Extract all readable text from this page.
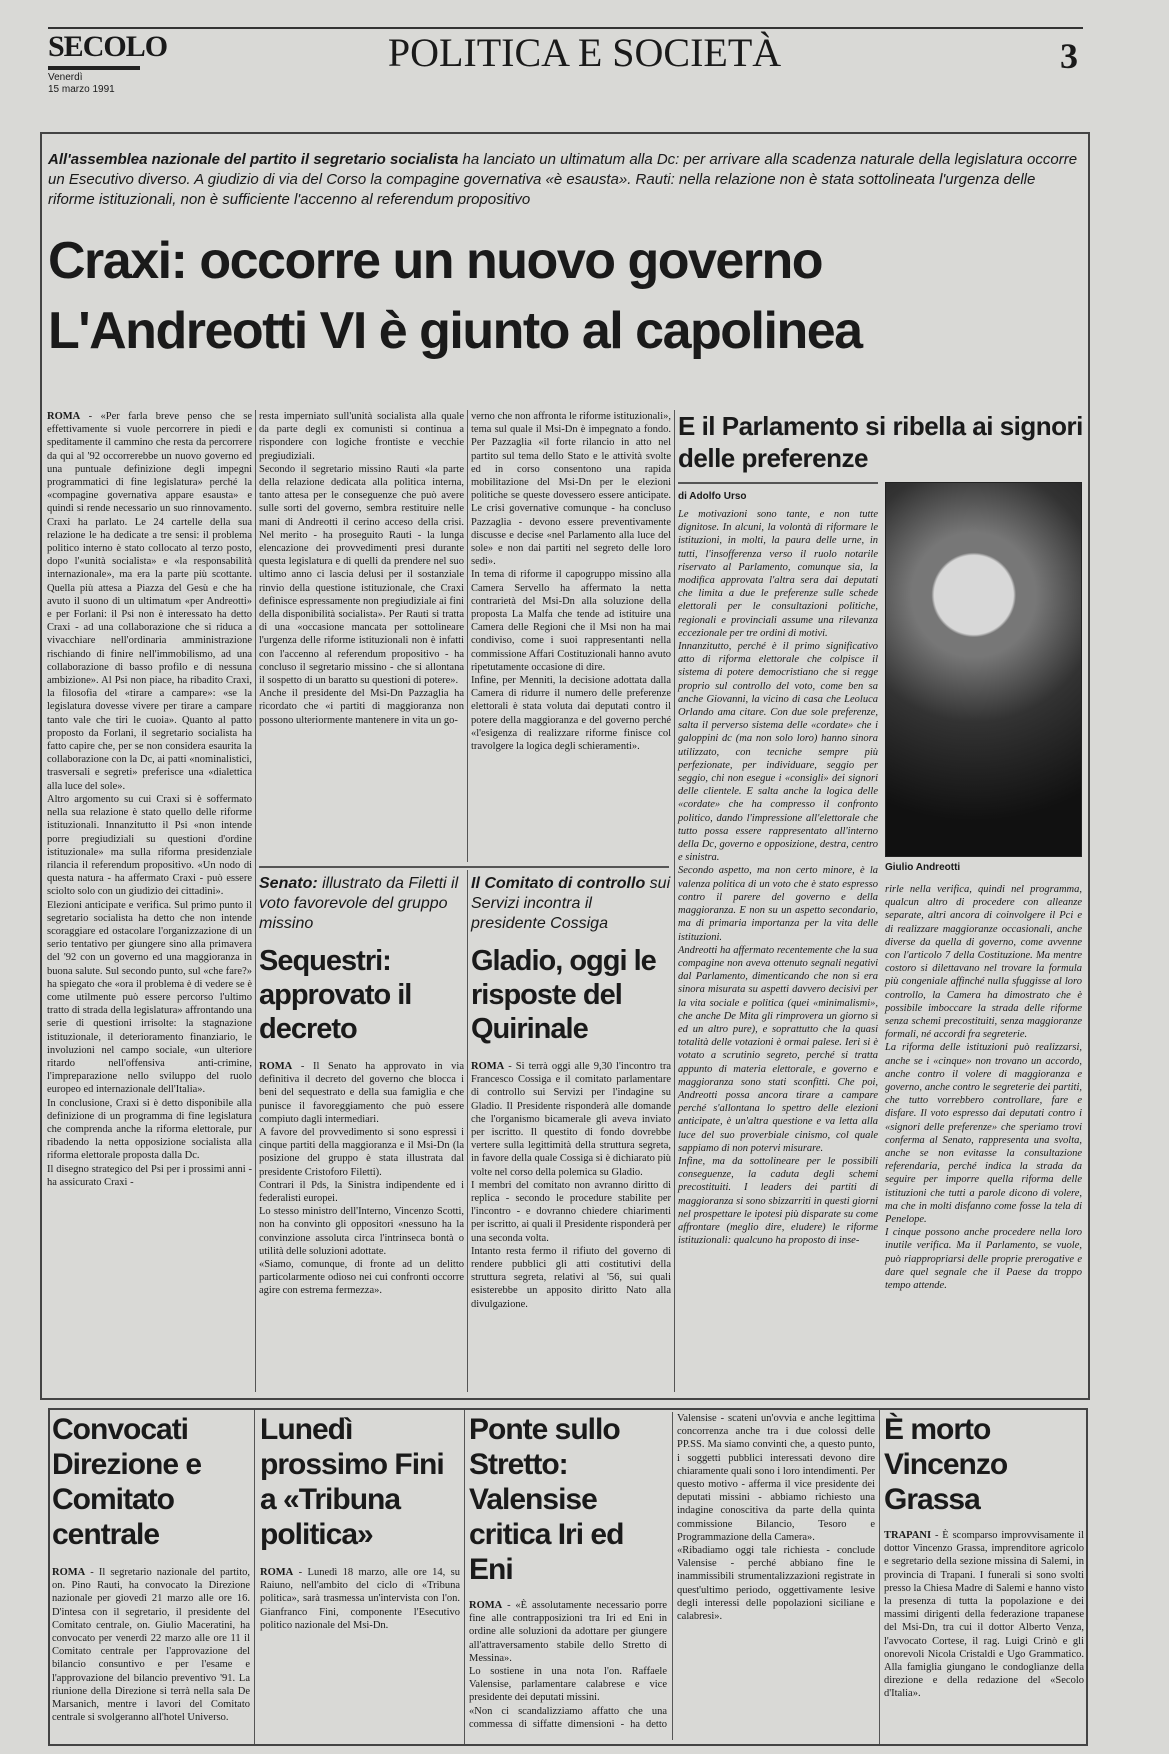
SECOLO
Venerdì
15 marzo 1991
POLITICA E SOCIETÀ	3
All'assemblea nazionale del partito il segretario socialista ha lanciato un ultimatum alla Dc: per arrivare alla scadenza naturale della legislatura occorre un Esecutivo diverso. A giudizio di via del Corso la compagine governativa «è esausta». Rauti: nella relazione non è stata sottolineata l'urgenza delle riforme istituzionali, non è sufficiente l'accenno al referendum propositivo
Craxi: occorre un nuovo governo
L'Andreotti VI è giunto al capolinea
ROMA - «Per farla breve penso che se effettivamente si vuole percorrere in piedi e speditamente il cammino che resta da percorrere da qui al '92 occorrerebbe un nuovo governo ed una puntuale definizione degli impegni programmatici di fine legislatura» perché la «compagine governativa appare esausta» e quindi si rende necessario un suo rinnovamento. Craxi ha parlato. Le 24 cartelle della sua relazione le ha dedicate a tre sensi: il problema politico interno è stato collocato al terzo posto, dopo l'«unità socialista» e «la responsabilità internazionale», ma era la parte più scottante. Quella più attesa a Piazza del Gesù e che ha avuto il suono di un ultimatum «per Andreotti» e per Forlani: il Psi non è interessato ha detto Craxi - ad una collaborazione che si riduca a vivacchiare nell'ordinaria amministrazione rischiando di finire nell'immobilismo, ad una collaborazione di basso profilo e di nessuna ambizione». Al Psi non piace, ha ribadito Craxi, la filosofia del «tirare a campare»: «se la legislatura dovesse vivere per tirare a campare tanto vale che tiri le cuoia». Quanto al patto proposto da Forlani, il segretario socialista ha fatto capire che, per se non considera esaurita la collaborazione con la Dc, ai patti «nominalistici, trasversali e segreti» preferisce una «dialettica alla luce del sole».
Altro argomento su cui Craxi si è soffermato nella sua relazione è stato quello delle riforme istituzionali. Innanzitutto il Psi «non intende porre pregiudiziali su questioni d'ordine istituzionale» ma sulla riforma presidenziale rilancia il referendum propositivo. «Un nodo di questa natura - ha affermato Craxi - può essere sciolto solo con un giudizio dei cittadini».
Elezioni anticipate e verifica. Sul primo punto il segretario socialista ha detto che non intende scoraggiare ed ostacolare l'organizzazione di un serio tentativo per giungere sino alla primavera del '92 con un governo ed una maggioranza in buona salute. Sul secondo punto, sul «che fare?» ha spiegato che «ora il problema è di vedere se è come utilmente può essere percorso l'ultimo tratto di strada della legislatura» affrontando una serie di questioni irrisolte: la stagnazione istituzionale, il deterioramento finanziario, le involuzioni nel campo sociale, «un ulteriore ritardo nell'offensiva anti-crimine, l'impreparazione nello sviluppo del ruolo europeo ed internazionale dell'Italia».
In conclusione, Craxi si è detto disponibile alla definizione di un programma di fine legislatura che comprenda anche la riforma elettorale, pur ribadendo la netta opposizione socialista alla riforma elettorale proposta dalla Dc.
Il disegno strategico del Psi per i prossimi anni - ha assicurato Craxi -
resta imperniato sull'unità socialista alla quale da parte degli ex comunisti si continua a rispondere con logiche frontiste e vecchie pregiudiziali.
Secondo il segretario missino Rauti «la parte della relazione dedicata alla politica interna, tanto attesa per le conseguenze che può avere sulle sorti del governo, sembra restituire nelle mani di Andreotti il cerino acceso della crisi. Nel merito - ha proseguito Rauti - la lunga elencazione dei provvedimenti presi durante questa legislatura e di quelli da prendere nel suo ultimo anno ci lascia delusi per il sostanziale rinvio della questione istituzionale, che Craxi definisce espressamente non pregiudiziale ai fini della disponibilità socialista». Per Rauti si tratta di una «occasione mancata per sottolineare l'urgenza delle riforme istituzionali non è infatti con l'accenno al referendum propositivo - ha concluso il segretario missino - che si allontana il sospetto di un baratto su questioni di potere».
Anche il presidente del Msi-Dn Pazzaglia ha ricordato che «i partiti di maggioranza non possono ulteriormente mantenere in vita un go-
verno che non affronta le riforme istituzionali», tema sul quale il Msi-Dn è impegnato a fondo. Per Pazzaglia «il forte rilancio in atto nel partito sul tema dello Stato e le attività svolte ed in corso consentono una rapida mobilitazione del Msi-Dn per le elezioni politiche se queste dovessero essere anticipate. Le crisi governative comunque - ha concluso Pazzaglia - devono essere preventivamente discusse e decise «nel Parlamento alla luce del sole» e non dai partiti nel segreto delle loro sedi».
In tema di riforme il capogruppo missino alla Camera Servello ha affermato la netta contrarietà del Msi-Dn alla soluzione della proposta La Malfa che tende ad istituire una Camera delle Regioni che il Msi non ha mai condiviso, come i suoi rappresentanti nella commissione Affari Costituzionali hanno avuto ripetutamente occasione di dire.
Infine, per Menniti, la decisione adottata dalla Camera di ridurre il numero delle preferenze elettorali è stata voluta dai deputati contro il potere della maggioranza e del governo perché «l'esigenza di realizzare riforme finisce col travolgere la logica degli schieramenti».
E il Parlamento si ribella ai signori delle preferenze
di Adolfo Urso
Le motivazioni sono tante, e non tutte dignitose. In alcuni, la volontà di riformare le istituzioni, in molti, la paura delle urne, in tutti, l'insofferenza verso il ruolo notarile riservato al Parlamento, comunque sia, la modifica approvata l'altra sera dai deputati che limita a due le preferenze sulle schede elettorali per le consultazioni politiche, regionali e provinciali assume una rilevanza eccezionale per tre ordini di motivi.
Innanzitutto, perché è il primo significativo atto di riforma elettorale che colpisce il sistema di potere democristiano che si regge proprio sul controllo del voto, come ben sa anche Giovanni, la vicino di casa che Leoluca Orlando ama citare. Con due sole preferenze, salta il perverso sistema delle «cordate» che i galoppini dc (ma non solo loro) hanno sinora utilizzato, con tecniche sempre più perfezionate, per individuare, seggio per seggio, chi non esegue i «consigli» dei signori delle clientele. E salta anche la logica delle «cordate» che ha compresso il confronto politico, dando l'impressione all'elettorale che tutto possa essere rappresentato all'interno della Dc, governo e opposizione, destra, centro e sinistra.
Secondo aspetto, ma non certo minore, è la valenza politica di un voto che è stato espresso contro il parere del governo e della maggioranza. E non su un aspetto secondario, ma di primaria importanza per la vita delle istituzioni.
Andreotti ha affermato recentemente che la sua compagine non aveva ottenuto segnali negativi dal Parlamento, dimenticando che non si era sinora misurata su aspetti davvero decisivi per la vita sociale e politica (quei «minimalismi», che anche De Mita gli rimprovera un giorno sì ed un altro pure), e soprattutto che la quasi totalità delle votazioni è ormai palese. Ieri si è votato a scrutinio segreto, perché si tratta appunto di materia elettorale, e governo e maggioranza sono stati sconfitti. Che poi, Andreotti possa ancora tirare a campare perché s'allontana lo spettro delle elezioni anticipate, è un'altra questione e va letta alla luce del suo proverbiale cinismo, col quale sappiamo di non potervi misurare.
Infine, ma da sottolineare per le possibili conseguenze, la caduta degli schemi precostituiti. I leaders dei partiti di maggioranza si sono sbizzarriti in questi giorni nel prospettare le ipotesi più disparate su come affrontare (meglio dire, eludere) le riforme istituzionali: qualcuno ha proposto di inse-
Giulio Andreotti
rirle nella verifica, quindi nel programma, qualcun altro di procedere con alleanze separate, altri ancora di coinvolgere il Pci e di realizzare maggioranze occasionali, anche diverse da quella di governo, come avvenne con l'articolo 7 della Costituzione. Ma mentre costoro si dilettavano nel trovare la formula più congeniale affinché nulla sfuggisse al loro controllo, la Camera ha dimostrato che è possibile imboccare la strada delle riforme senza schemi precostituiti, senza maggioranze formali, né accordi fra segreterie.
La riforma delle istituzioni può realizzarsi, anche se i «cinque» non trovano un accordo, anche contro il volere di maggioranza e governo, anche contro le segreterie dei partiti, che tutto vorrebbero controllare, fare e disfare. Il voto espresso dai deputati contro i «signori delle preferenze» che speriamo trovi conferma al Senato, rappresenta una svolta, anche se non evitasse la consultazione referendaria, perché indica la strada da seguire per imporre quella riforma delle istituzioni che tutti a parole dicono di volere, ma che in molti disfanno come fosse la tela di Penelope.
I cinque possono anche procedere nella loro inutile verifica. Ma il Parlamento, se vuole, può riappropriarsi delle proprie prerogative e dare quel segnale che il Paese da troppo tempo attende.
Senato: illustrato da Filetti il voto favorevole del gruppo missino
Sequestri: approvato il decreto
ROMA - Il Senato ha approvato in via definitiva il decreto del governo che blocca i beni del sequestrato e della sua famiglia e che punisce il favoreggiamento che può essere compiuto dagli intermediari.
A favore del provvedimento si sono espressi i cinque partiti della maggioranza e il Msi-Dn (la posizione del gruppo è stata illustrata dal presidente Cristoforo Filetti).
Contrari il Pds, la Sinistra indipendente ed i federalisti europei.
Lo stesso ministro dell'Interno, Vincenzo Scotti, non ha convinto gli oppositori «nessuno ha la convinzione assoluta circa l'intrinseca bontà o utilità delle soluzioni adottate.
«Siamo, comunque, di fronte ad un delitto particolarmente odioso nei cui confronti occorre agire con estrema fermezza».
Il Comitato di controllo sui Servizi incontra il presidente Cossiga
Gladio, oggi le risposte del Quirinale
ROMA - Si terrà oggi alle 9,30 l'incontro tra Francesco Cossiga e il comitato parlamentare di controllo sui Servizi per l'indagine su Gladio. Il Presidente risponderà alle domande che l'organismo bicamerale gli aveva inviato per iscritto. Il questito di fondo dovrebbe vertere sulla legittimità della struttura segreta, in favore della quale Cossiga si è dichiarato più volte nel corso della polemica su Gladio.
I membri del comitato non avranno diritto di replica - secondo le procedure stabilite per l'incontro - e dovranno chiedere chiarimenti per iscritto, ai quali il Presidente risponderà per una seconda volta.
Intanto resta fermo il rifiuto del governo di rendere pubblici gli atti costitutivi della struttura segreta, relativi al '56, sui quali esisterebbe un apposito diritto Nato alla divulgazione.
Convocati Direzione e Comitato centrale
ROMA - Il segretario nazionale del partito, on. Pino Rauti, ha convocato la Direzione nazionale per giovedì 21 marzo alle ore 16. D'intesa con il segretario, il presidente del Comitato centrale, on. Giulio Maceratini, ha convocato per venerdì 22 marzo alle ore 11 il Comitato centrale per l'approvazione del bilancio consuntivo e per l'esame e l'approvazione del bilancio preventivo '91. La riunione della Direzione si terrà nella sala De Marsanich, mentre i lavori del Comitato centrale si svolgeranno all'hotel Universo.
Lunedì prossimo Fini a «Tribuna politica»
ROMA - Lunedì 18 marzo, alle ore 14, su Raiuno, nell'ambito del ciclo di «Tribuna politica», sarà trasmessa un'intervista con l'on. Gianfranco Fini, componente l'Esecutivo politico nazionale del Msi-Dn.
Ponte sullo Stretto: Valensise critica Iri ed Eni
ROMA - «È assolutamente necessario porre fine alle contrapposizioni tra Iri ed Eni in ordine alle soluzioni da adottare per giungere all'attraversamento stabile dello Stretto di Messina».
Lo sostiene in una nota l'on. Raffaele Valensise, parlamentare calabrese e vice presidente dei deputati missini.
«Non ci scandalizziamo affatto che una commessa di siffatte dimensioni - ha detto Valensise - scateni un'ovvia e anche legittima concorrenza anche tra i due colossi delle PP.SS. Ma siamo convinti che, a questo punto, i soggetti pubblici interessati devono dire chiaramente quali sono i loro intendimenti. Per questo motivo - afferma il vice presidente dei deputati missini - abbiamo richiesto una indagine conoscitiva da parte della quinta commissione Bilancio, Tesoro e Programmazione della Camera».
«Ribadiamo oggi tale richiesta - conclude Valensise - perché abbiano fine le inammissibili strumentalizzazioni registrate in quest'ultimo periodo, oggettivamente lesive degli interessi delle popolazioni siciliane e calabresi».
È morto Vincenzo Grassa
TRAPANI - È scomparso improvvisamente il dottor Vincenzo Grassa, imprenditore agricolo e segretario della sezione missina di Salemi, in provincia di Trapani. I funerali si sono svolti presso la Chiesa Madre di Salemi e hanno visto la presenza di tutta la popolazione e dei massimi dirigenti della federazione trapanese del Msi-Dn, tra cui il dottor Alberto Venza, l'avvocato Cortese, il rag. Luigi Crinò e gli onorevoli Nicola Cristaldi e Ugo Grammatico. Alla famiglia giungano le condoglianze della direzione e della redazione del «Secolo d'Italia».
